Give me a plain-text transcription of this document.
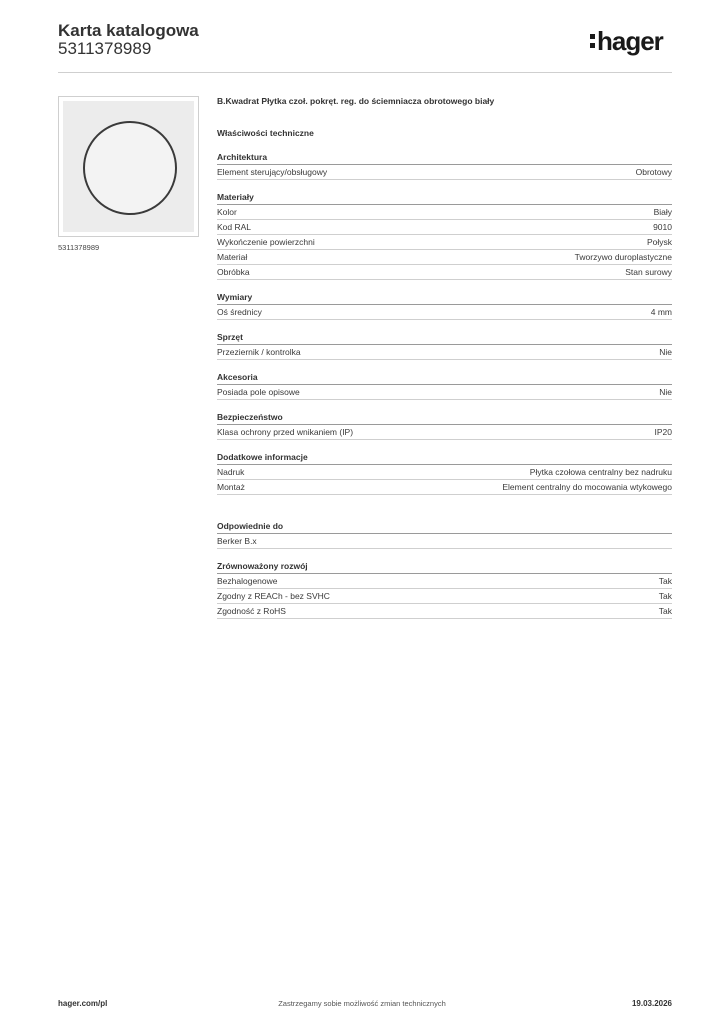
Karta katalogowa
5311378989	hager
5311378989
B.Kwadrat Płytka czoł. pokręt. reg. do ściemniacza obrotowego biały
Właściwości techniczne
Architektura
Element sterujący/obsługowy	Obrotowy
Materiały
Kolor	Biały
Kod RAL	9010
Wykończenie powierzchni	Połysk
Materiał	Tworzywo duroplastyczne
Obróbka	Stan surowy
Wymiary
Oś średnicy	4 mm
Sprzęt
Przeziernik / kontrolka	Nie
Akcesoria
Posiada pole opisowe	Nie
Bezpieczeństwo
Klasa ochrony przed wnikaniem (IP)	IP20
Dodatkowe informacje
Nadruk	Płytka czołowa centralny bez nadruku
Montaż	Element centralny do mocowania wtykowego
Odpowiednie do
Berker B.x
Zrównoważony rozwój
Bezhalogenowe	Tak
Zgodny z REACh - bez SVHC	Tak
Zgodność z RoHS	Tak
hager.com/pl	Zastrzegamy sobie możliwość zmian technicznych	19.03.2026
